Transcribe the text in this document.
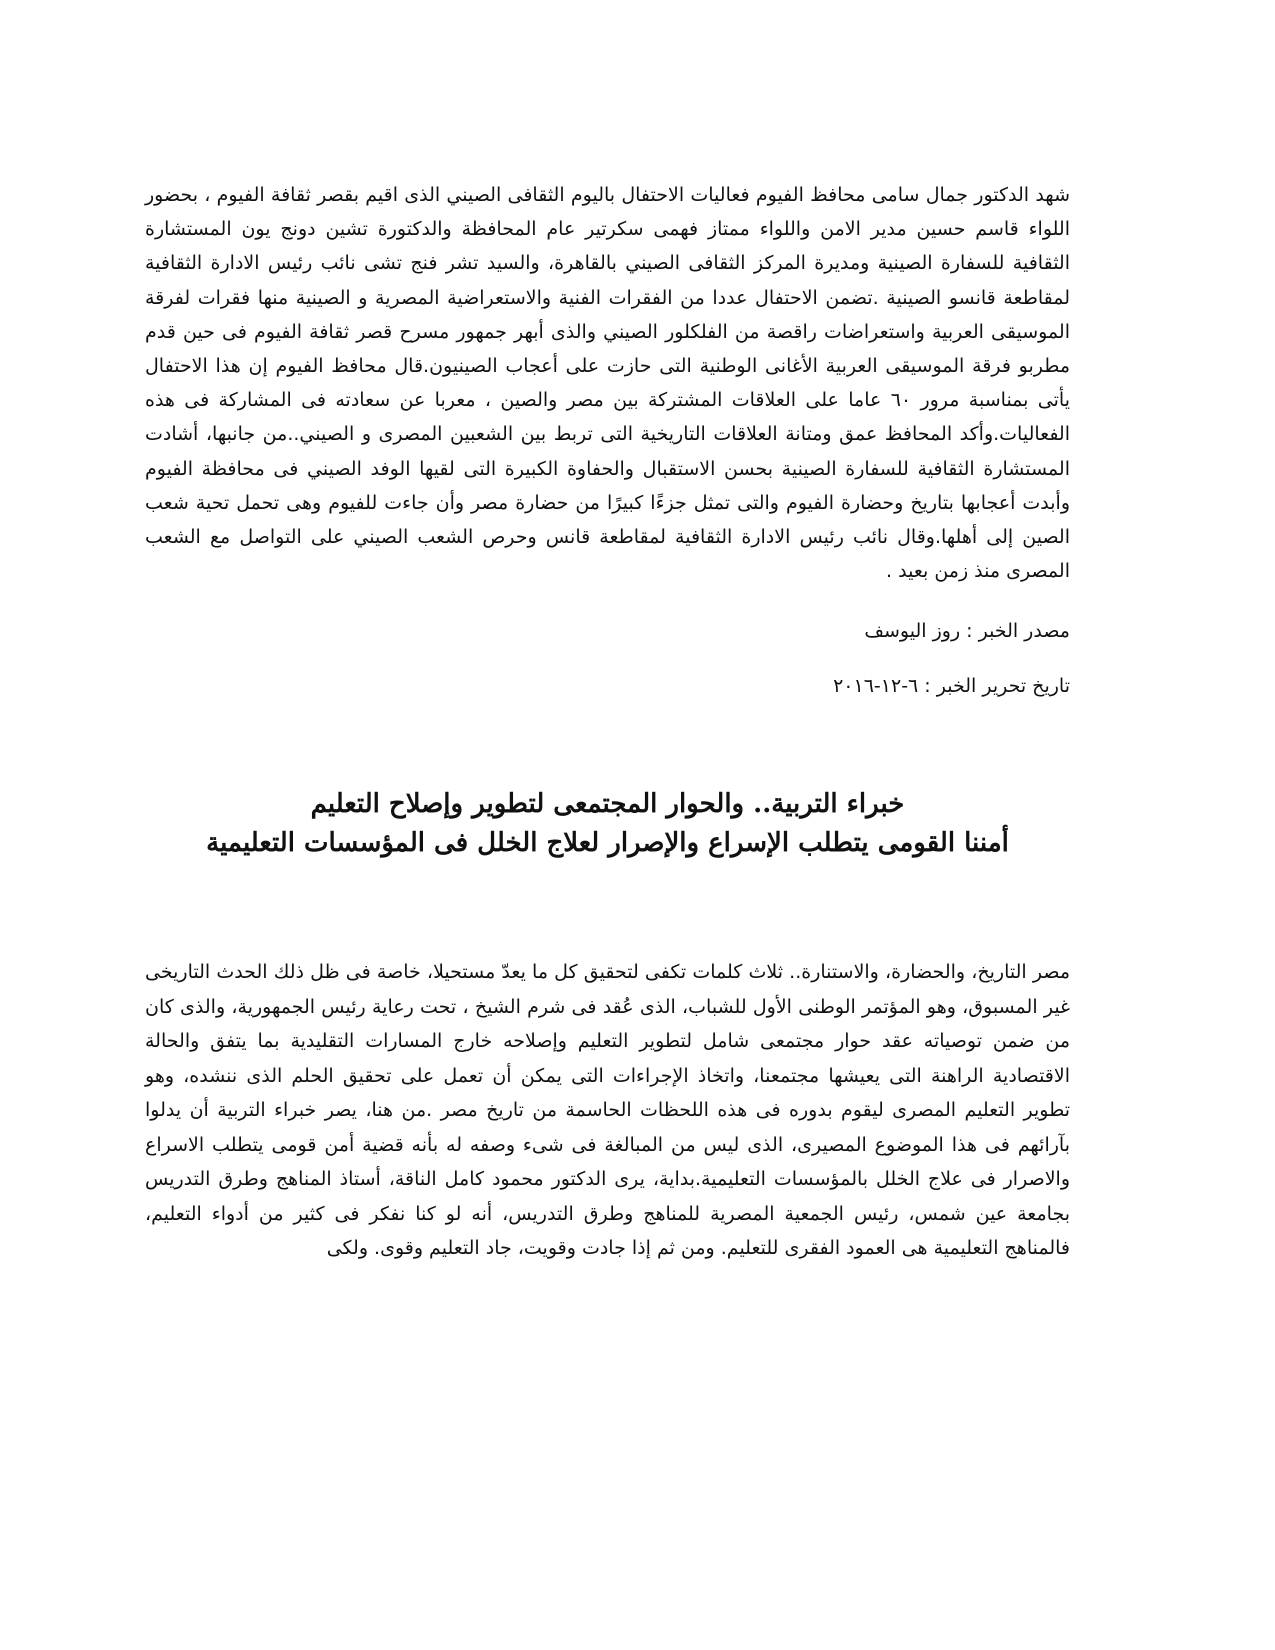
شهد الدكتور جمال سامى محافظ الفيوم فعاليات الاحتفال باليوم الثقافى الصيني الذى اقيم بقصر ثقافة الفيوم ، بحضور اللواء قاسم حسين مدير الامن واللواء ممتاز فهمى سكرتير عام المحافظة والدكتورة تشين دونج يون المستشارة الثقافية للسفارة الصينية ومديرة المركز الثقافى الصيني بالقاهرة، والسيد تشر فنج تشى نائب رئيس الادارة الثقافية لمقاطعة قانسو الصينية .تضمن الاحتفال عددا من الفقرات الفنية والاستعراضية المصرية و الصينية منها فقرات لفرقة الموسيقى العربية واستعراضات راقصة من الفلكلور الصيني والذى أبهر جمهور مسرح قصر ثقافة الفيوم فى حين قدم مطربو فرقة الموسيقى العربية الأغانى الوطنية التى حازت على أعجاب الصينيون.قال محافظ الفيوم إن هذا الاحتفال يأتى بمناسبة مرور ٦٠ عاما على العلاقات المشتركة بين مصر والصين ، معربا عن سعادته فى المشاركة فى هذه الفعاليات.وأكد المحافظ عمق ومتانة العلاقات التاريخية التى تربط بين الشعبين المصرى و الصيني..من جانبها، أشادت المستشارة الثقافية للسفارة الصينية بحسن الاستقبال والحفاوة الكبيرة التى لقيها الوفد الصيني فى محافظة الفيوم وأبدت أعجابها بتاريخ وحضارة الفيوم والتى تمثل جزءًا كبيرًا من حضارة مصر وأن جاءت للفيوم وهى تحمل تحية شعب الصين إلى أهلها.وقال نائب رئيس الادارة الثقافية لمقاطعة قانس وحرص الشعب الصيني على التواصل مع الشعب المصرى منذ زمن بعيد .

مصدر الخبر : روز اليوسف

تاريخ تحرير الخبر : ٦-١٢-٢٠١٦

خبراء التربية.. والحوار المجتمعى لتطوير وإصلاح التعليم
أمننا القومى يتطلب الإسراع والإصرار لعلاج الخلل فى المؤسسات التعليمية

مصر التاريخ، والحضارة، والاستنارة.. ثلاث كلمات تكفى لتحقيق كل ما يعدّ مستحيلا، خاصة فى ظل ذلك الحدث التاريخى غير المسبوق، وهو المؤتمر الوطنى الأول للشباب، الذى عُقد فى شرم الشيخ ، تحت رعاية رئيس الجمهورية، والذى كان من ضمن توصياته عقد حوار مجتمعى شامل لتطوير التعليم وإصلاحه خارج المسارات التقليدية بما يتفق والحالة الاقتصادية الراهنة التى يعيشها مجتمعنا، واتخاذ الإجراءات التى يمكن أن تعمل على تحقيق الحلم الذى ننشده، وهو تطوير التعليم المصرى ليقوم بدوره فى هذه اللحظات الحاسمة من تاريخ مصر .من هنا، يصر خبراء التربية أن يدلوا بآرائهم فى هذا الموضوع المصيرى، الذى ليس من المبالغة فى شىء وصفه له بأنه قضية أمن قومى يتطلب الاسراع والاصرار فى علاج الخلل بالمؤسسات التعليمية.بداية، يرى الدكتور محمود كامل الناقة، أستاذ المناهج وطرق التدريس بجامعة عين شمس، رئيس الجمعية المصرية للمناهج وطرق التدريس، أنه لو كنا نفكر فى كثير من أدواء التعليم، فالمناهج التعليمية هى العمود الفقرى للتعليم. ومن ثم إذا جادت وقويت، جاد التعليم وقوى. ولكى
